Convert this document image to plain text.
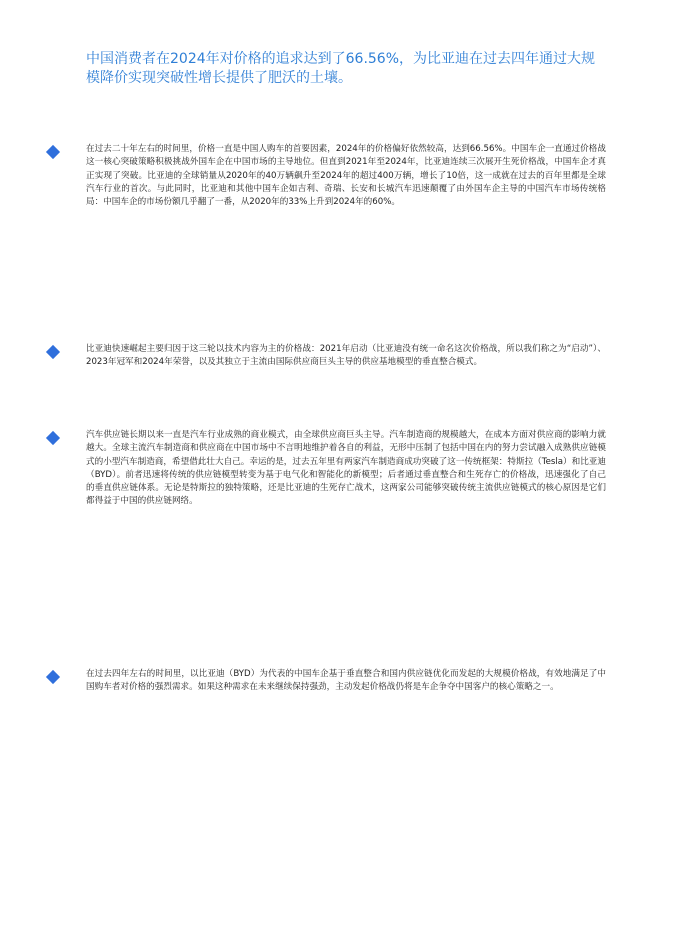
中国消费者在2024年对价格的追求达到了66.56%，为比亚迪在过去四年通过大规模降价实现突破性增长提供了肥沃的土壤。

在过去二十年左右的时间里，价格一直是中国人购车的首要因素，2024年的价格偏好依然较高，达到66.56%。中国车企一直通过价格战这一核心突破策略积极挑战外国车企在中国市场的主导地位。但直到2021年至2024年，比亚迪连续三次展开生死价格战，中国车企才真正实现了突破。比亚迪的全球销量从2020年的40万辆飙升至2024年的超过400万辆，增长了10倍，这一成就在过去的百年里都是全球汽车行业的首次。与此同时，比亚迪和其他中国车企如吉利、奇瑞、长安和长城汽车迅速颠覆了由外国车企主导的中国汽车市场传统格局：中国车企的市场份额几乎翻了一番，从2020年的33%上升到2024年的60%。

比亚迪快速崛起主要归因于这三轮以技术内容为主的价格战：2021年启动（比亚迪没有统一命名这次价格战，所以我们称之为“启动”）、2023年冠军和2024年荣誉，以及其独立于主流由国际供应商巨头主导的供应基地模型的垂直整合模式。

汽车供应链长期以来一直是汽车行业成熟的商业模式，由全球供应商巨头主导。汽车制造商的规模越大，在成本方面对供应商的影响力就越大。全球主流汽车制造商和供应商在中国市场中不言明地维护着各自的利益，无形中压制了包括中国在内的努力尝试融入成熟供应链模式的小型汽车制造商，希望借此壮大自己。幸运的是，过去五年里有两家汽车制造商成功突破了这一传统框架：特斯拉（Tesla）和比亚迪（BYD）。前者迅速将传统的供应链模型转变为基于电气化和智能化的新模型；后者通过垂直整合和生死存亡的价格战，迅速强化了自己的垂直供应链体系。无论是特斯拉的独特策略，还是比亚迪的生死存亡战术，这两家公司能够突破传统主流供应链模式的核心原因是它们都得益于中国的供应链网络。

在过去四年左右的时间里，以比亚迪（BYD）为代表的中国车企基于垂直整合和国内供应链优化而发起的大规模价格战，有效地满足了中国购车者对价格的强烈需求。如果这种需求在未来继续保持强劲，主动发起价格战仍将是车企争夺中国客户的核心策略之一。
